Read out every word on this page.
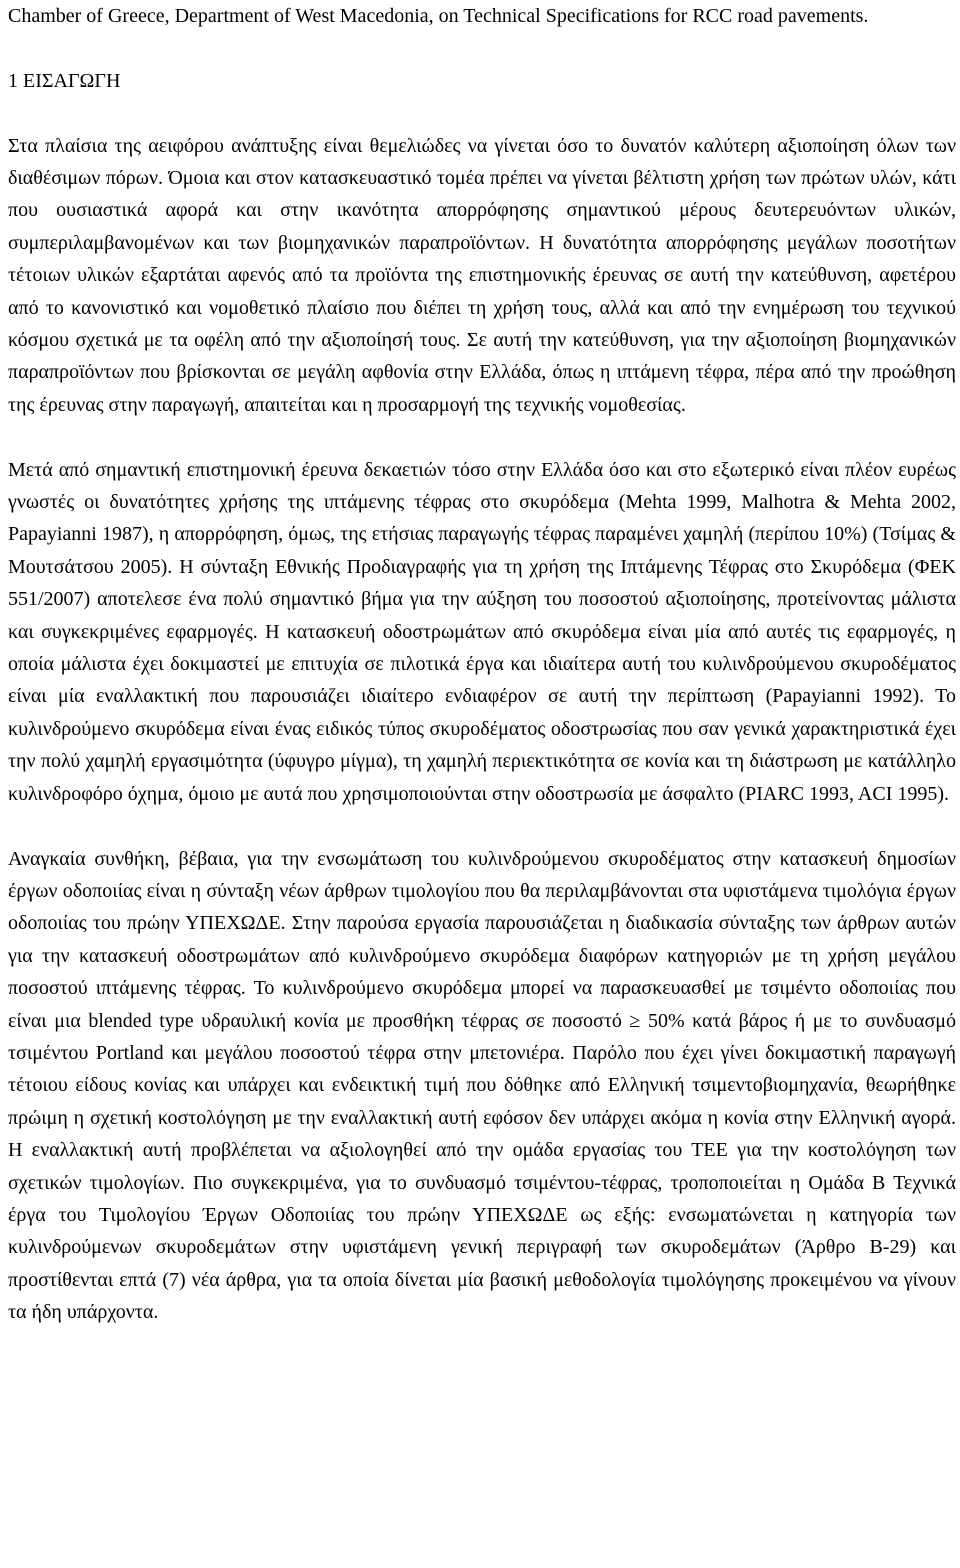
Chamber of Greece, Department of West Macedonia, on Technical Specifications for RCC road pavements.

1 ΕΙΣΑΓΩΓΗ

Στα πλαίσια της αειφόρου ανάπτυξης είναι θεμελιώδες να γίνεται όσο το δυνατόν καλύτερη αξιοποίηση όλων των διαθέσιμων πόρων. Όμοια και στον κατασκευαστικό τομέα πρέπει να γίνεται βέλτιστη χρήση των πρώτων υλών, κάτι που ουσιαστικά αφορά και στην ικανότητα απορρόφησης σημαντικού μέρους δευτερευόντων υλικών, συμπεριλαμβανομένων και των βιομηχανικών παραπροϊόντων. Η δυνατότητα απορρόφησης μεγάλων ποσοτήτων τέτοιων υλικών εξαρτάται αφενός από τα προϊόντα της επιστημονικής έρευνας σε αυτή την κατεύθυνση, αφετέρου από το κανονιστικό και νομοθετικό πλαίσιο που διέπει τη χρήση τους, αλλά και από την ενημέρωση του τεχνικού κόσμου σχετικά με τα οφέλη από την αξιοποίησή τους. Σε αυτή την κατεύθυνση, για την αξιοποίηση βιομηχανικών παραπροϊόντων που βρίσκονται σε μεγάλη αφθονία στην Ελλάδα, όπως η ιπτάμενη τέφρα, πέρα από την προώθηση της έρευνας στην παραγωγή, απαιτείται και η προσαρμογή της τεχνικής νομοθεσίας.

Μετά από σημαντική επιστημονική έρευνα δεκαετιών τόσο στην Ελλάδα όσο και στο εξωτερικό είναι πλέον ευρέως γνωστές οι δυνατότητες χρήσης της ιπτάμενης τέφρας στο σκυρόδεμα (Mehta 1999, Malhotra & Mehta 2002, Papayianni 1987), η απορρόφηση, όμως, της ετήσιας παραγωγής τέφρας παραμένει χαμηλή (περίπου 10%) (Τσίμας & Μουτσάτσου 2005). Η σύνταξη Εθνικής Προδιαγραφής για τη χρήση της Ιπτάμενης Τέφρας στο Σκυρόδεμα (ΦΕΚ 551/2007) αποτελεσε ένα πολύ σημαντικό βήμα για την αύξηση του ποσοστού αξιοποίησης, προτείνοντας μάλιστα και συγκεκριμένες εφαρμογές. Η κατασκευή οδοστρωμάτων από σκυρόδεμα είναι μία από αυτές τις εφαρμογές, η οποία μάλιστα έχει δοκιμαστεί με επιτυχία σε πιλοτικά έργα και ιδιαίτερα αυτή του κυλινδρούμενου σκυροδέματος είναι μία εναλλακτική που παρουσιάζει ιδιαίτερο ενδιαφέρον σε αυτή την περίπτωση (Papayianni 1992). Το κυλινδρούμενο σκυρόδεμα είναι ένας ειδικός τύπος σκυροδέματος οδοστρωσίας που σαν γενικά χαρακτηριστικά έχει την πολύ χαμηλή εργασιμότητα (ύφυγρο μίγμα), τη χαμηλή περιεκτικότητα σε κονία και τη διάστρωση με κατάλληλο κυλινδροφόρο όχημα, όμοιο με αυτά που χρησιμοποιούνται στην οδοστρωσία με άσφαλτο (PIARC 1993, ACI 1995).

Αναγκαία συνθήκη, βέβαια, για την ενσωμάτωση του κυλινδρούμενου σκυροδέματος στην κατασκευή δημοσίων έργων οδοποιίας είναι η σύνταξη νέων άρθρων τιμολογίου που θα περιλαμβάνονται στα υφιστάμενα τιμολόγια έργων οδοποιίας του πρώην ΥΠΕΧΩΔΕ. Στην παρούσα εργασία παρουσιάζεται η διαδικασία σύνταξης των άρθρων αυτών για την κατασκευή οδοστρωμάτων από κυλινδρούμενο σκυρόδεμα διαφόρων κατηγοριών με τη χρήση μεγάλου ποσοστού ιπτάμενης τέφρας. Το κυλινδρούμενο σκυρόδεμα μπορεί να παρασκευασθεί με τσιμέντο οδοποιίας που είναι μια blended type υδραυλική κονία με προσθήκη τέφρας σε ποσοστό ≥ 50% κατά βάρος ή με το συνδυασμό τσιμέντου Portland και μεγάλου ποσοστού τέφρα στην μπετονιέρα. Παρόλο που έχει γίνει δοκιμαστική παραγωγή τέτοιου είδους κονίας και υπάρχει και ενδεικτική τιμή που δόθηκε από Ελληνική τσιμεντοβιομηχανία, θεωρήθηκε πρώιμη η σχετική κοστολόγηση με την εναλλακτική αυτή εφόσον δεν υπάρχει ακόμα η κονία στην Ελληνική αγορά. Η εναλλακτική αυτή προβλέπεται να αξιολογηθεί από την ομάδα εργασίας του ΤΕΕ για την κοστολόγηση των σχετικών τιμολογίων. Πιο συγκεκριμένα, για το συνδυασμό τσιμέντου-τέφρας, τροποποιείται η Ομάδα Β Τεχνικά έργα του Τιμολογίου Έργων Οδοποιίας του πρώην ΥΠΕΧΩΔΕ ως εξής: ενσωματώνεται η κατηγορία των κυλινδρούμενων σκυροδεμάτων στην υφιστάμενη γενική περιγραφή των σκυροδεμάτων (Άρθρο Β-29) και προστίθενται επτά (7) νέα άρθρα, για τα οποία δίνεται μία βασική μεθοδολογία τιμολόγησης προκειμένου να γίνουν τα ήδη υπάρχοντα.
